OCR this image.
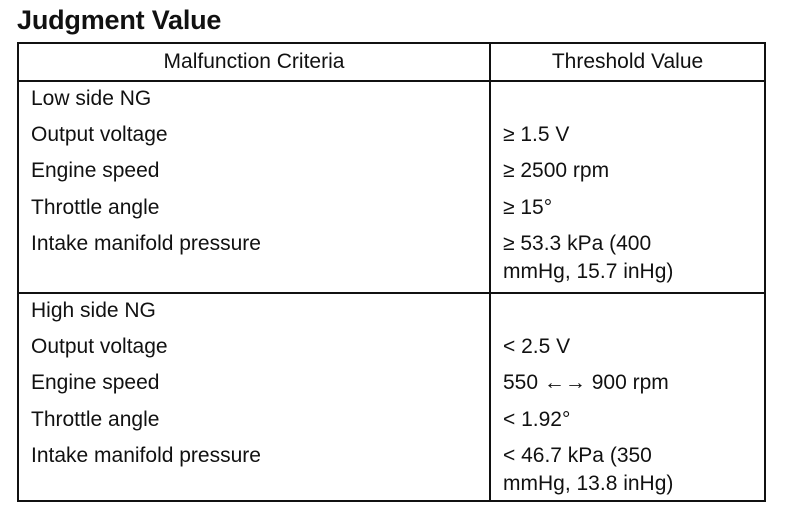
Judgment Value
Malfunction Criteria	Threshold Value
Low side NG
Output voltage	≥ 1.5 V
Engine speed	≥ 2500 rpm
Throttle angle	≥ 15°
Intake manifold pressure	≥ 53.3 kPa (400
mmHg, 15.7 inHg)
High side NG
Output voltage	< 2.5 V
Engine speed	550 ←→ 900 rpm
Throttle angle	< 1.92°
Intake manifold pressure	< 46.7 kPa (350
mmHg, 13.8 inHg)
